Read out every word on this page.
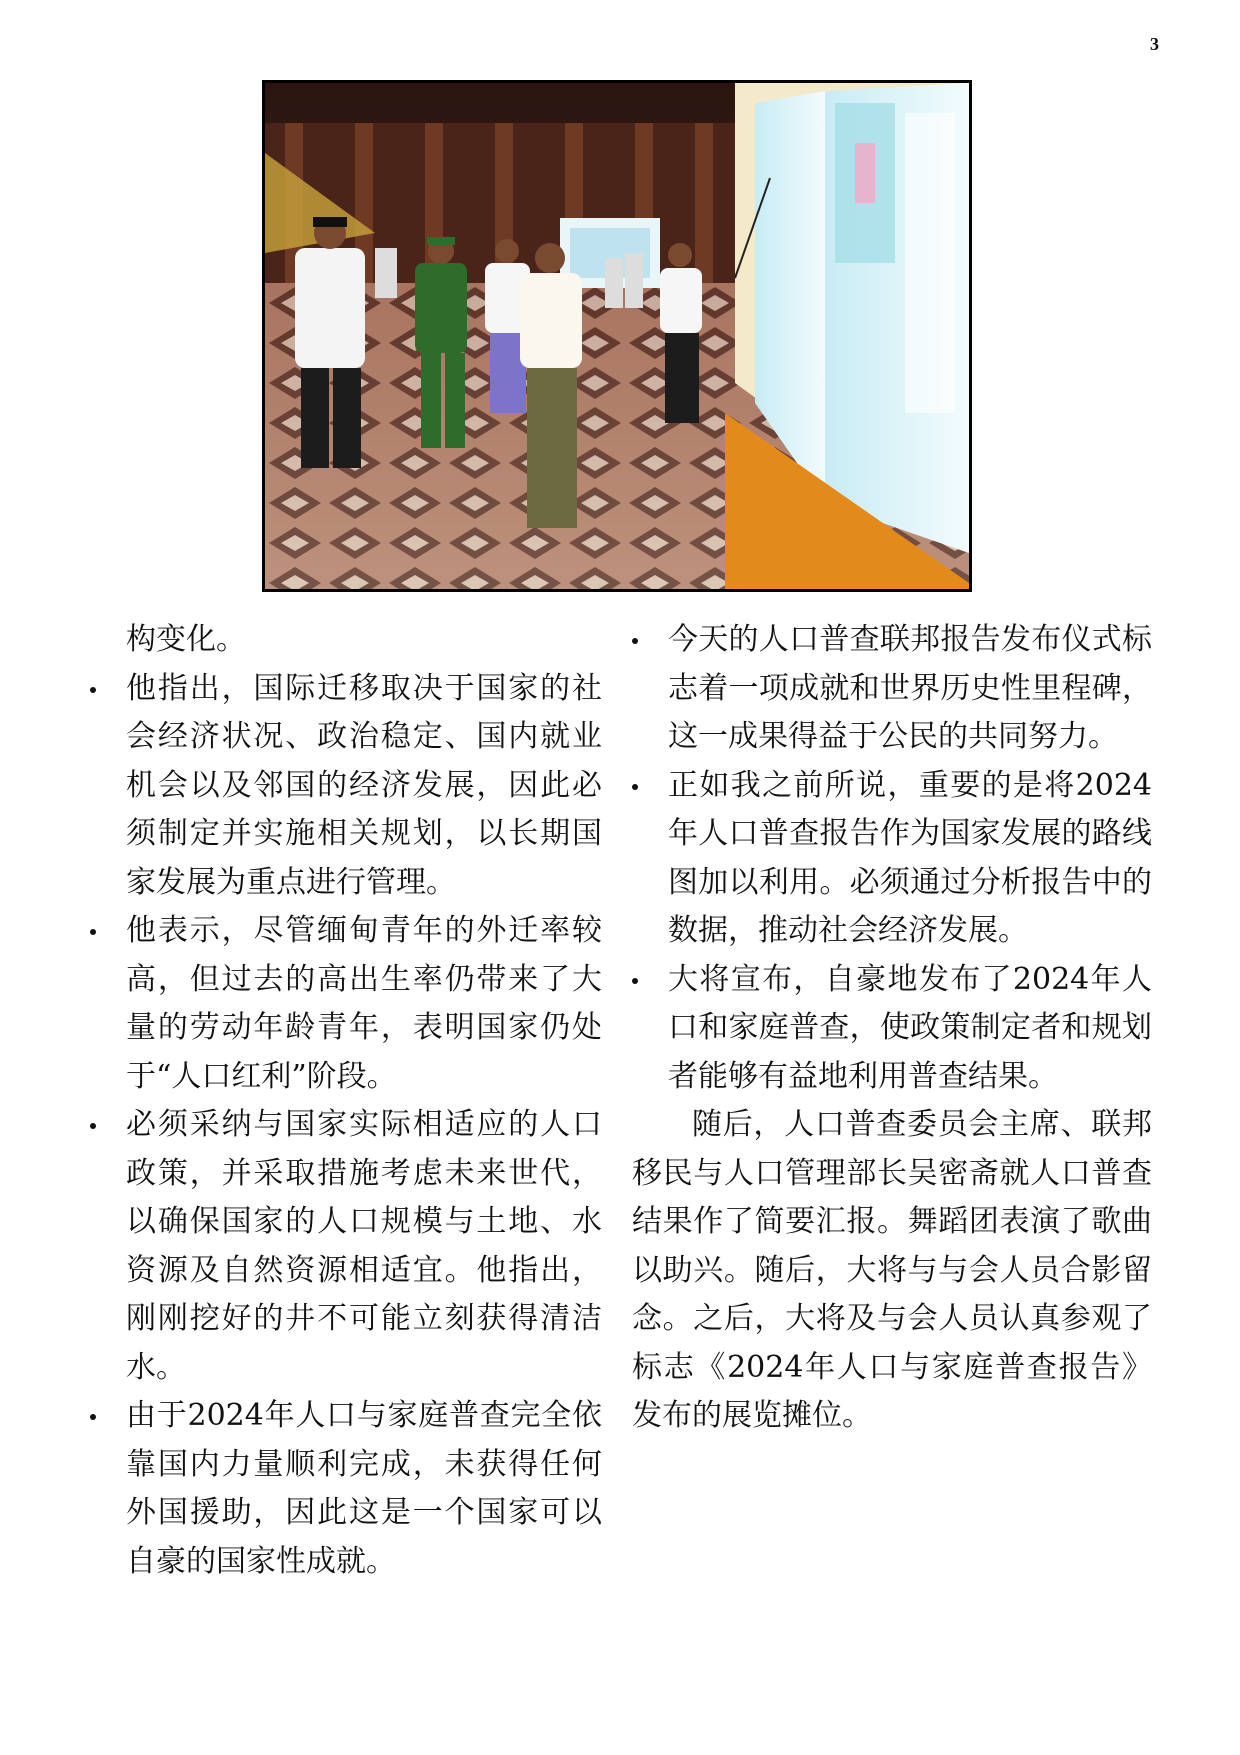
3

构变化。

他指出，国际迁移取决于国家的社会经济状况、政治稳定、国内就业机会以及邻国的经济发展，因此必须制定并实施相关规划，以长期国家发展为重点进行管理。

他表示，尽管缅甸青年的外迁率较高，但过去的高出生率仍带来了大量的劳动年龄青年，表明国家仍处于“人口红利”阶段。

必须采纳与国家实际相适应的人口政策，并采取措施考虑未来世代，以确保国家的人口规模与土地、水资源及自然资源相适宜。他指出，刚刚挖好的井不可能立刻获得清洁水。

由于2024年人口与家庭普查完全依靠国内力量顺利完成，未获得任何外国援助，因此这是一个国家可以自豪的国家性成就。

今天的人口普查联邦报告发布仪式标志着一项成就和世界历史性里程碑，这一成果得益于公民的共同努力。

正如我之前所说，重要的是将2024年人口普查报告作为国家发展的路线图加以利用。必须通过分析报告中的数据，推动社会经济发展。

大将宣布，自豪地发布了2024年人口和家庭普查，使政策制定者和规划者能够有益地利用普查结果。

随后，人口普查委员会主席、联邦移民与人口管理部长吴密斋就人口普查结果作了简要汇报。舞蹈团表演了歌曲以助兴。随后，大将与与会人员合影留念。之后，大将及与会人员认真参观了标志《2024年人口与家庭普查报告》发布的展览摊位。
